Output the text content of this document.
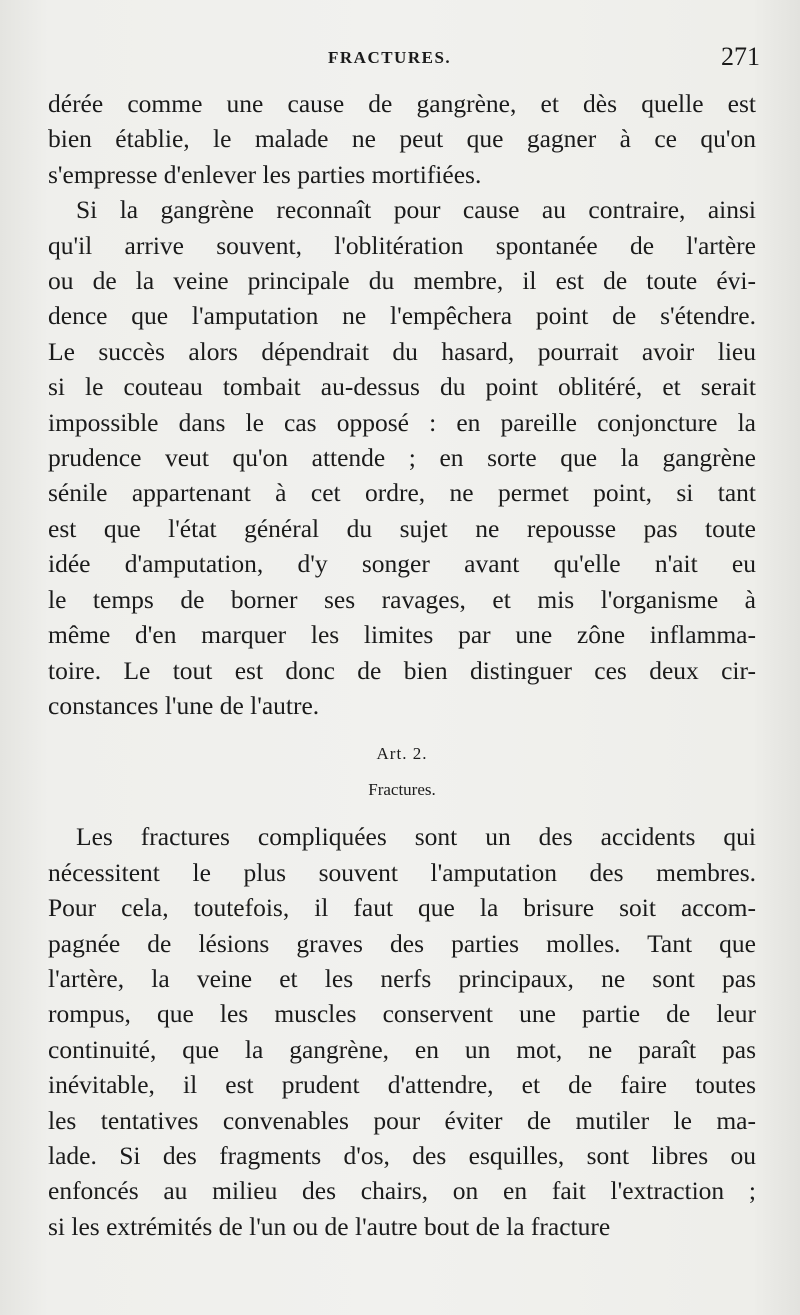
FRACTURES.	271
dérée comme une cause de gangrène, et dès quelle est
bien établie, le malade ne peut que gagner à ce qu'on
s'empresse d'enlever les parties mortifiées.
Si la gangrène reconnaît pour cause au contraire, ainsi
qu'il arrive souvent, l'oblitération spontanée de l'artère
ou de la veine principale du membre, il est de toute évi-
dence que l'amputation ne l'empêchera point de s'étendre.
Le succès alors dépendrait du hasard, pourrait avoir lieu
si le couteau tombait au-dessus du point oblitéré, et serait
impossible dans le cas opposé : en pareille conjoncture la
prudence veut qu'on attende ; en sorte que la gangrène
sénile appartenant à cet ordre, ne permet point, si tant
est que l'état général du sujet ne repousse pas toute
idée d'amputation, d'y songer avant qu'elle n'ait eu
le temps de borner ses ravages, et mis l'organisme à
même d'en marquer les limites par une zône inflamma-
toire. Le tout est donc de bien distinguer ces deux cir-
constances l'une de l'autre.
Art. 2.
Fractures.
Les fractures compliquées sont un des accidents qui
nécessitent le plus souvent l'amputation des membres.
Pour cela, toutefois, il faut que la brisure soit accom-
pagnée de lésions graves des parties molles. Tant que
l'artère, la veine et les nerfs principaux, ne sont pas
rompus, que les muscles conservent une partie de leur
continuité, que la gangrène, en un mot, ne paraît pas
inévitable, il est prudent d'attendre, et de faire toutes
les tentatives convenables pour éviter de mutiler le ma-
lade. Si des fragments d'os, des esquilles, sont libres ou
enfoncés au milieu des chairs, on en fait l'extraction ;
si les extrémités de l'un ou de l'autre bout de la fracture
